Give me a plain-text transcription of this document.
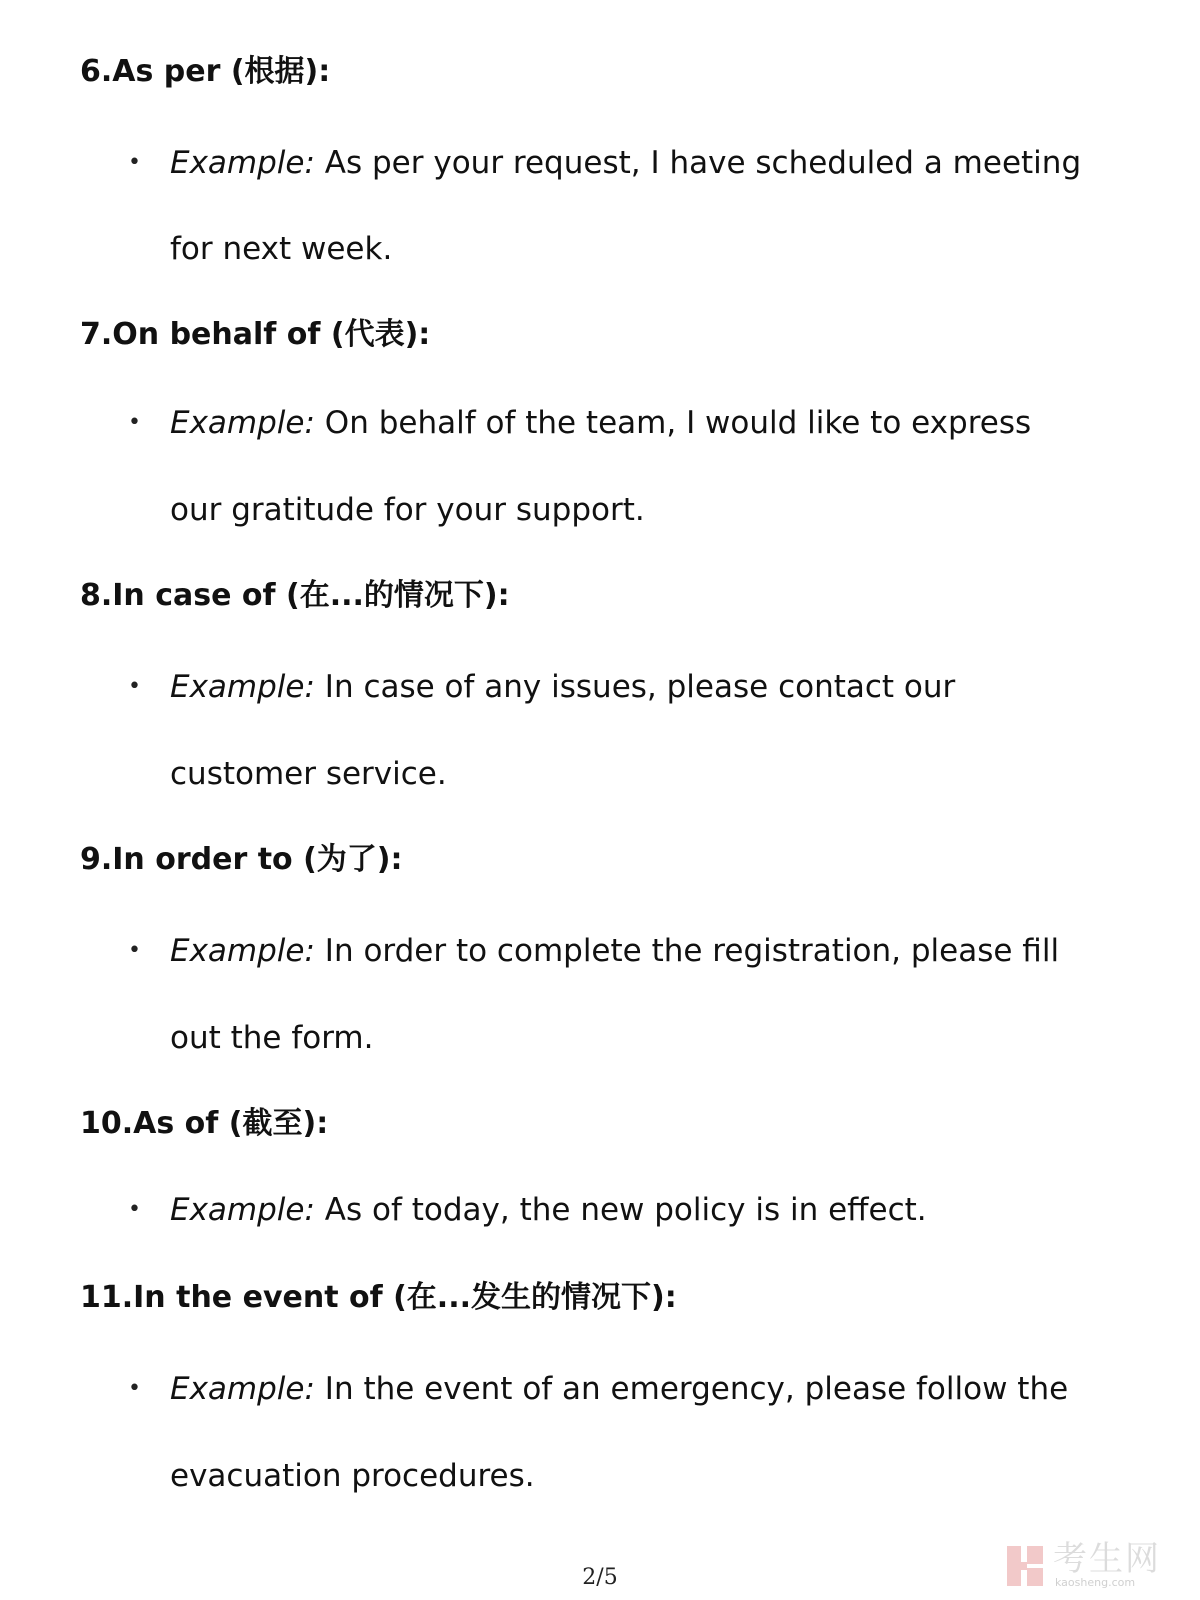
6.As per (根据):
• Example: As per your request, I have scheduled a meeting
for next week.
7.On behalf of (代表):
• Example: On behalf of the team, I would like to express
our gratitude for your support.
8.In case of (在...的情况下):
• Example: In case of any issues, please contact our
customer service.
9.In order to (为了):
• Example: In order to complete the registration, please fill
out the form.
10.As of (截至):
• Example: As of today, the new policy is in effect.
11.In the event of (在...发生的情况下):
• Example: In the event of an emergency, please follow the
evacuation procedures.
2/5	考生网
kaosheng.com
